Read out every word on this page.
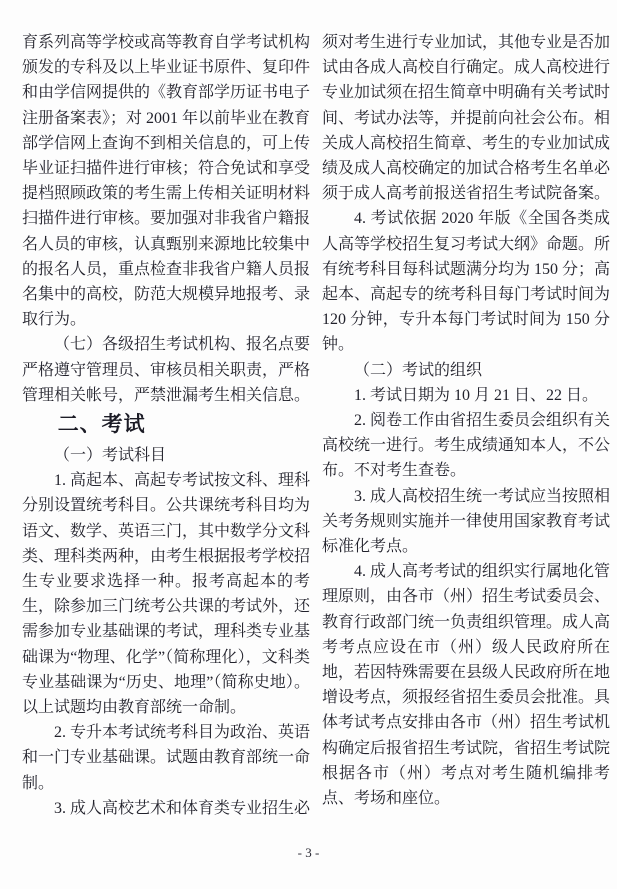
育系列高等学校或高等教育自学考试机构颁发的专科及以上毕业证书原件、复印件和由学信网提供的《教育部学历证书电子注册备案表》；对 2001 年以前毕业在教育部学信网上查询不到相关信息的，可上传毕业证扫描件进行审核；符合免试和享受提档照顾政策的考生需上传相关证明材料扫描件进行审核。要加强对非我省户籍报名人员的审核，认真甄别来源地比较集中的报名人员，重点检查非我省户籍人员报名集中的高校，防范大规模异地报考、录取行为。

（七）各级招生考试机构、报名点要严格遵守管理员、审核员相关职责，严格管理相关帐号，严禁泄漏考生相关信息。

二、考试

（一）考试科目

1. 高起本、高起专考试按文科、理科分别设置统考科目。公共课统考科目均为语文、数学、英语三门，其中数学分文科类、理科类两种，由考生根据报考学校招生专业要求选择一种。报考高起本的考生，除参加三门统考公共课的考试外，还需参加专业基础课的考试，理科类专业基础课为“物理、化学”（简称理化），文科类专业基础课为“历史、地理”（简称史地）。以上试题均由教育部统一命制。

2. 专升本考试统考科目为政治、英语和一门专业基础课。试题由教育部统一命制。

3. 成人高校艺术和体育类专业招生必

须对考生进行专业加试，其他专业是否加试由各成人高校自行确定。成人高校进行专业加试须在招生简章中明确有关考试时间、考试办法等，并提前向社会公布。相关成人高校招生简章、考生的专业加试成绩及成人高校确定的加试合格考生名单必须于成人高考前报送省招生考试院备案。

4. 考试依据 2020 年版《全国各类成人高等学校招生复习考试大纲》命题。所有统考科目每科试题满分均为 150 分；高起本、高起专的统考科目每门考试时间为 120 分钟，专升本每门考试时间为 150 分钟。

（二）考试的组织

1. 考试日期为 10 月 21 日、22 日。

2. 阅卷工作由省招生委员会组织有关高校统一进行。考生成绩通知本人，不公布。不对考生查卷。

3. 成人高校招生统一考试应当按照相关考务规则实施并一律使用国家教育考试标准化考点。

4. 成人高考考试的组织实行属地化管理原则，由各市（州）招生考试委员会、教育行政部门统一负责组织管理。成人高考考点应设在市（州）级人民政府所在地，若因特殊需要在县级人民政府所在地增设考点，须报经省招生委员会批准。具体考试考点安排由各市（州）招生考试机构确定后报省招生考试院，省招生考试院根据各市（州）考点对考生随机编排考点、考场和座位。

- 3 -
